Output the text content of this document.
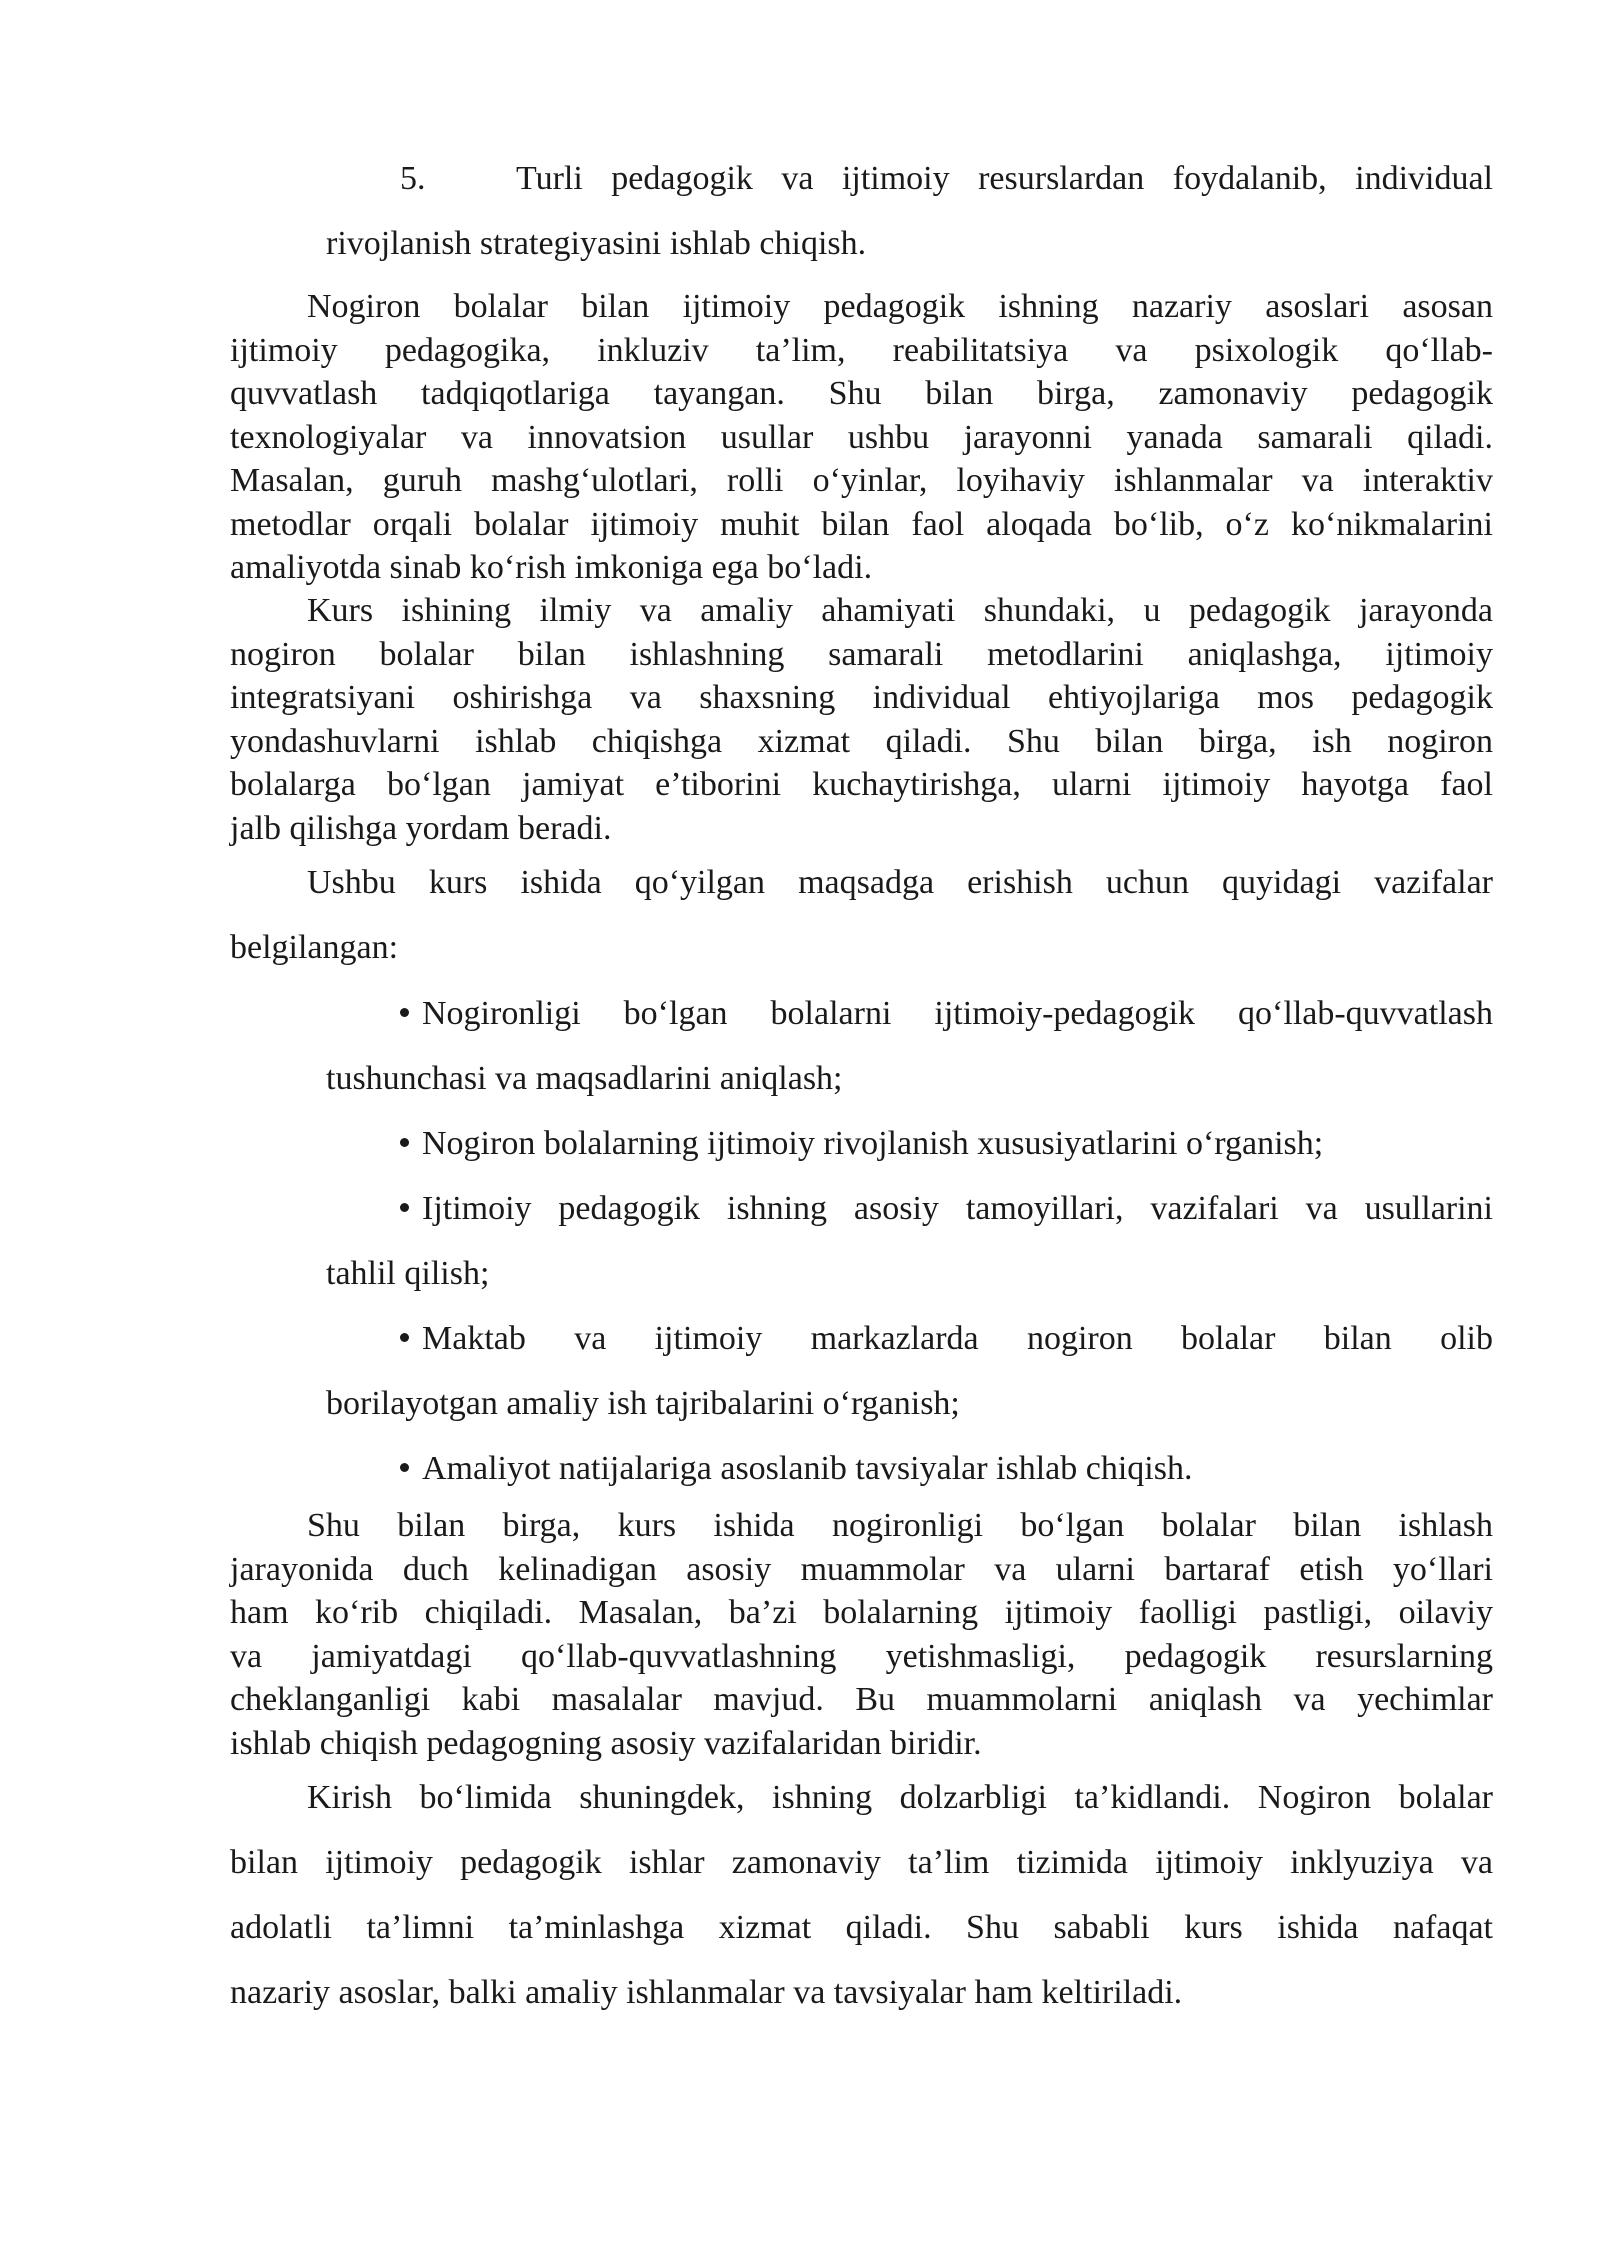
5.	Turli pedagogik va ijtimoiy resurslardan foydalanib, individual
rivojlanish strategiyasini ishlab chiqish.
Nogiron bolalar bilan ijtimoiy pedagogik ishning nazariy asoslari asosan
ijtimoiy pedagogika, inkluziv ta’lim, reabilitatsiya va psixologik qo‘llab-
quvvatlash tadqiqotlariga tayangan. Shu bilan birga, zamonaviy pedagogik
texnologiyalar va innovatsion usullar ushbu jarayonni yanada samarali qiladi.
Masalan, guruh mashg‘ulotlari, rolli o‘yinlar, loyihaviy ishlanmalar va interaktiv
metodlar orqali bolalar ijtimoiy muhit bilan faol aloqada bo‘lib, o‘z ko‘nikmalarini
amaliyotda sinab ko‘rish imkoniga ega bo‘ladi.
Kurs ishining ilmiy va amaliy ahamiyati shundaki, u pedagogik jarayonda
nogiron bolalar bilan ishlashning samarali metodlarini aniqlashga, ijtimoiy
integratsiyani oshirishga va shaxsning individual ehtiyojlariga mos pedagogik
yondashuvlarni ishlab chiqishga xizmat qiladi. Shu bilan birga, ish nogiron
bolalarga bo‘lgan jamiyat e’tiborini kuchaytirishga, ularni ijtimoiy hayotga faol
jalb qilishga yordam beradi.
Ushbu kurs ishida qo‘yilgan maqsadga erishish uchun quyidagi vazifalar
belgilangan:
Nogironligi bo‘lgan bolalarni ijtimoiy-pedagogik qo‘llab-quvvatlash
tushunchasi va maqsadlarini aniqlash;
Nogiron bolalarning ijtimoiy rivojlanish xususiyatlarini o‘rganish;
Ijtimoiy pedagogik ishning asosiy tamoyillari, vazifalari va usullarini
tahlil qilish;
Maktab va ijtimoiy markazlarda nogiron bolalar bilan olib
borilayotgan amaliy ish tajribalarini o‘rganish;
Amaliyot natijalariga asoslanib tavsiyalar ishlab chiqish.
Shu bilan birga, kurs ishida nogironligi bo‘lgan bolalar bilan ishlash
jarayonida duch kelinadigan asosiy muammolar va ularni bartaraf etish yo‘llari
ham ko‘rib chiqiladi. Masalan, ba’zi bolalarning ijtimoiy faolligi pastligi, oilaviy
va jamiyatdagi qo‘llab-quvvatlashning yetishmasligi, pedagogik resurslarning
cheklanganligi kabi masalalar mavjud. Bu muammolarni aniqlash va yechimlar
ishlab chiqish pedagogning asosiy vazifalaridan biridir.
Kirish bo‘limida shuningdek, ishning dolzarbligi ta’kidlandi. Nogiron bolalar
bilan ijtimoiy pedagogik ishlar zamonaviy ta’lim tizimida ijtimoiy inklyuziya va
adolatli ta’limni ta’minlashga xizmat qiladi. Shu sababli kurs ishida nafaqat
nazariy asoslar, balki amaliy ishlanmalar va tavsiyalar ham keltiriladi.
